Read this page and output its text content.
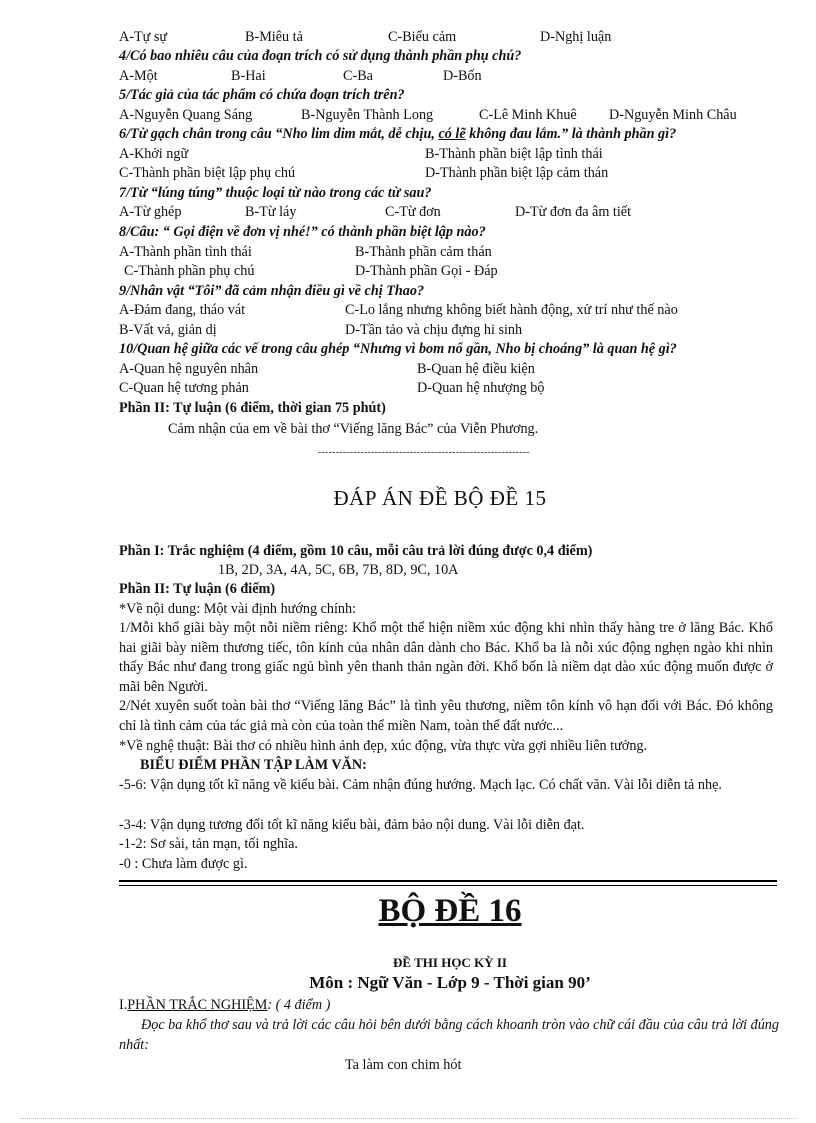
A-Tự sự	B-Miêu tả	C-Biểu cảm	D-Nghị luận
4/Có bao nhiêu câu của đoạn trích có sử dụng thành phần phụ chú?
A-Một	B-Hai	C-Ba	D-Bốn
5/Tác giả của tác phẩm có chứa đoạn trích trên?
A-Nguyễn Quang Sáng	B-Nguyễn Thành Long	C-Lê Minh Khuê D-Nguyễn Minh Châu
6/Từ gạch chân trong câu “Nho lim dim mắt, dễ chịu, có lẽ không đau lắm.” là thành phần gì?
A-Khởi ngữ	B-Thành phần biệt lập tình thái
C-Thành phần biệt lập phụ chú	D-Thành phần biệt lập cảm thán
7/Từ “lúng túng” thuộc loại từ nào trong các từ sau?
A-Từ ghép	B-Từ láy	C-Từ đơn	D-Từ đơn đa âm tiết
8/Câu: “ Gọi điện về đơn vị nhé!” có thành phần biệt lập nào?
A-Thành phần tình thái	B-Thành phần cảm thán
C-Thành phần phụ chú	D-Thành phần Gọi - Đáp
9/Nhân vật “Tôi” đã cảm nhận điều gì về chị Thao?
A-Đảm đang, tháo vát	C-Lo lắng nhưng không biết hành động, xử trí như thế nào
B-Vất vả, giản dị	D-Tần tảo và chịu đựng hi sinh
10/Quan hệ giữa các vế trong câu ghép “Nhưng vì bom nổ gần, Nho bị choáng” là quan hệ gì?
A-Quan hệ nguyên nhân	B-Quan hệ điều kiện
C-Quan hệ tương phản	D-Quan hệ nhượng bộ
Phần II: Tự luận (6 điểm, thời gian 75 phút)
Cảm nhận của em về bài thơ “Viếng lăng Bác” của Viễn Phương.
------------------------------------------------------------
ĐÁP ÁN ĐỀ BỘ ĐỀ 15
Phần I: Trắc nghiệm (4 điểm, gồm 10 câu, mỗi câu trả lời đúng được 0,4 điểm)
1B, 2D, 3A, 4A, 5C, 6B, 7B, 8D, 9C, 10A
Phần II: Tự luận (6 điểm)
*Về nội dung: Một vài định hướng chính:
1/Mỗi khổ giãi bày một nỗi niềm riêng: Khổ một thể hiện niềm xúc động khi nhìn thấy hàng tre ở lăng Bác. Khổ hai giãi bày niềm thương tiếc, tôn kính của nhân dân dành cho Bác. Khổ ba là nỗi xúc động nghẹn ngào khi nhìn thấy Bác như đang trong giấc ngủ bình yên thanh thản ngàn đời. Khổ bốn là niềm dạt dào xúc động muốn được ở mãi bên Người.
2/Nét xuyên suốt toàn bài thơ “Viếng lăng Bác” là tình yêu thương, niềm tôn kính vô hạn đối với Bác. Đó không chỉ là tình cảm của tác giả mà còn của toàn thể miền Nam, toàn thể đất nước...
*Về nghệ thuật: Bài thơ có nhiều hình ảnh đẹp, xúc động, vừa thực vừa gợi nhiều liên tưởng.
BIỂU ĐIỂM PHẦN TẬP LÀM VĂN:
-5-6: Vận dụng tốt kĩ năng về kiểu bài. Cảm nhận đúng hướng. Mạch lạc. Có chất văn. Vài lỗi diễn tả nhẹ.
-3-4: Vận dụng tương đối tốt kĩ năng kiểu bài, đảm bảo nội dung. Vài lỗi diễn đạt.
-1-2: Sơ sài, tản mạn, tối nghĩa.
-0 : Chưa làm được gì.
BỘ ĐỀ 16
ĐỀ THI HỌC KỲ II
Môn : Ngữ Văn - Lớp 9 - Thời gian 90’
I.PHẦN TRẮC NGHIỆM: ( 4 điểm )
Đọc ba khổ thơ sau và trả lời các câu hỏi bên dưới bằng cách khoanh tròn vào chữ cái đầu của câu trả lời đúng nhất:
Ta làm con chim hót
